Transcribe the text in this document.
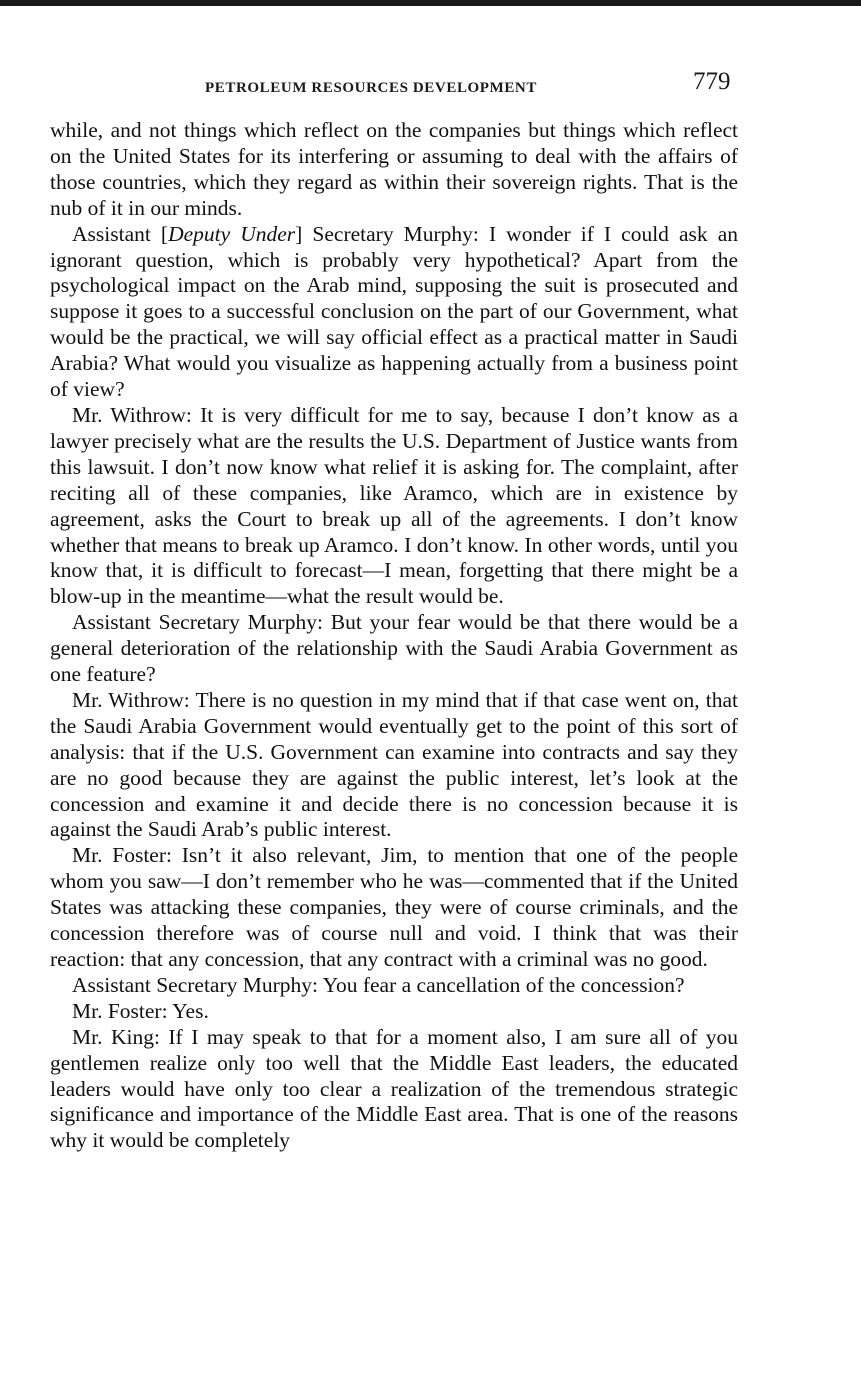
PETROLEUM RESOURCES DEVELOPMENT	779

while, and not things which reflect on the companies but things which reflect on the United States for its interfering or assuming to deal with the affairs of those countries, which they regard as within their sovereign rights. That is the nub of it in our minds.

Assistant [Deputy Under] Secretary Murphy: I wonder if I could ask an ignorant question, which is probably very hypothetical? Apart from the psychological impact on the Arab mind, supposing the suit is prosecuted and suppose it goes to a successful conclusion on the part of our Government, what would be the practical, we will say official effect as a practical matter in Saudi Arabia? What would you visualize as happening actually from a business point of view?

Mr. Withrow: It is very difficult for me to say, because I don’t know as a lawyer precisely what are the results the U.S. Department of Justice wants from this lawsuit. I don’t now know what relief it is asking for. The complaint, after reciting all of these companies, like Aramco, which are in existence by agreement, asks the Court to break up all of the agreements. I don’t know whether that means to break up Aramco. I don’t know. In other words, until you know that, it is difficult to forecast—I mean, forgetting that there might be a blow-up in the meantime—what the result would be.

Assistant Secretary Murphy: But your fear would be that there would be a general deterioration of the relationship with the Saudi Arabia Government as one feature?

Mr. Withrow: There is no question in my mind that if that case went on, that the Saudi Arabia Government would eventually get to the point of this sort of analysis: that if the U.S. Government can examine into contracts and say they are no good because they are against the public interest, let’s look at the concession and examine it and decide there is no concession because it is against the Saudi Arab’s public interest.

Mr. Foster: Isn’t it also relevant, Jim, to mention that one of the people whom you saw—I don’t remember who he was—commented that if the United States was attacking these companies, they were of course criminals, and the concession therefore was of course null and void. I think that was their reaction: that any concession, that any contract with a criminal was no good.

Assistant Secretary Murphy: You fear a cancellation of the concession?

Mr. Foster: Yes.

Mr. King: If I may speak to that for a moment also, I am sure all of you gentlemen realize only too well that the Middle East leaders, the educated leaders would have only too clear a realization of the tremendous strategic significance and importance of the Middle East area. That is one of the reasons why it would be completely
